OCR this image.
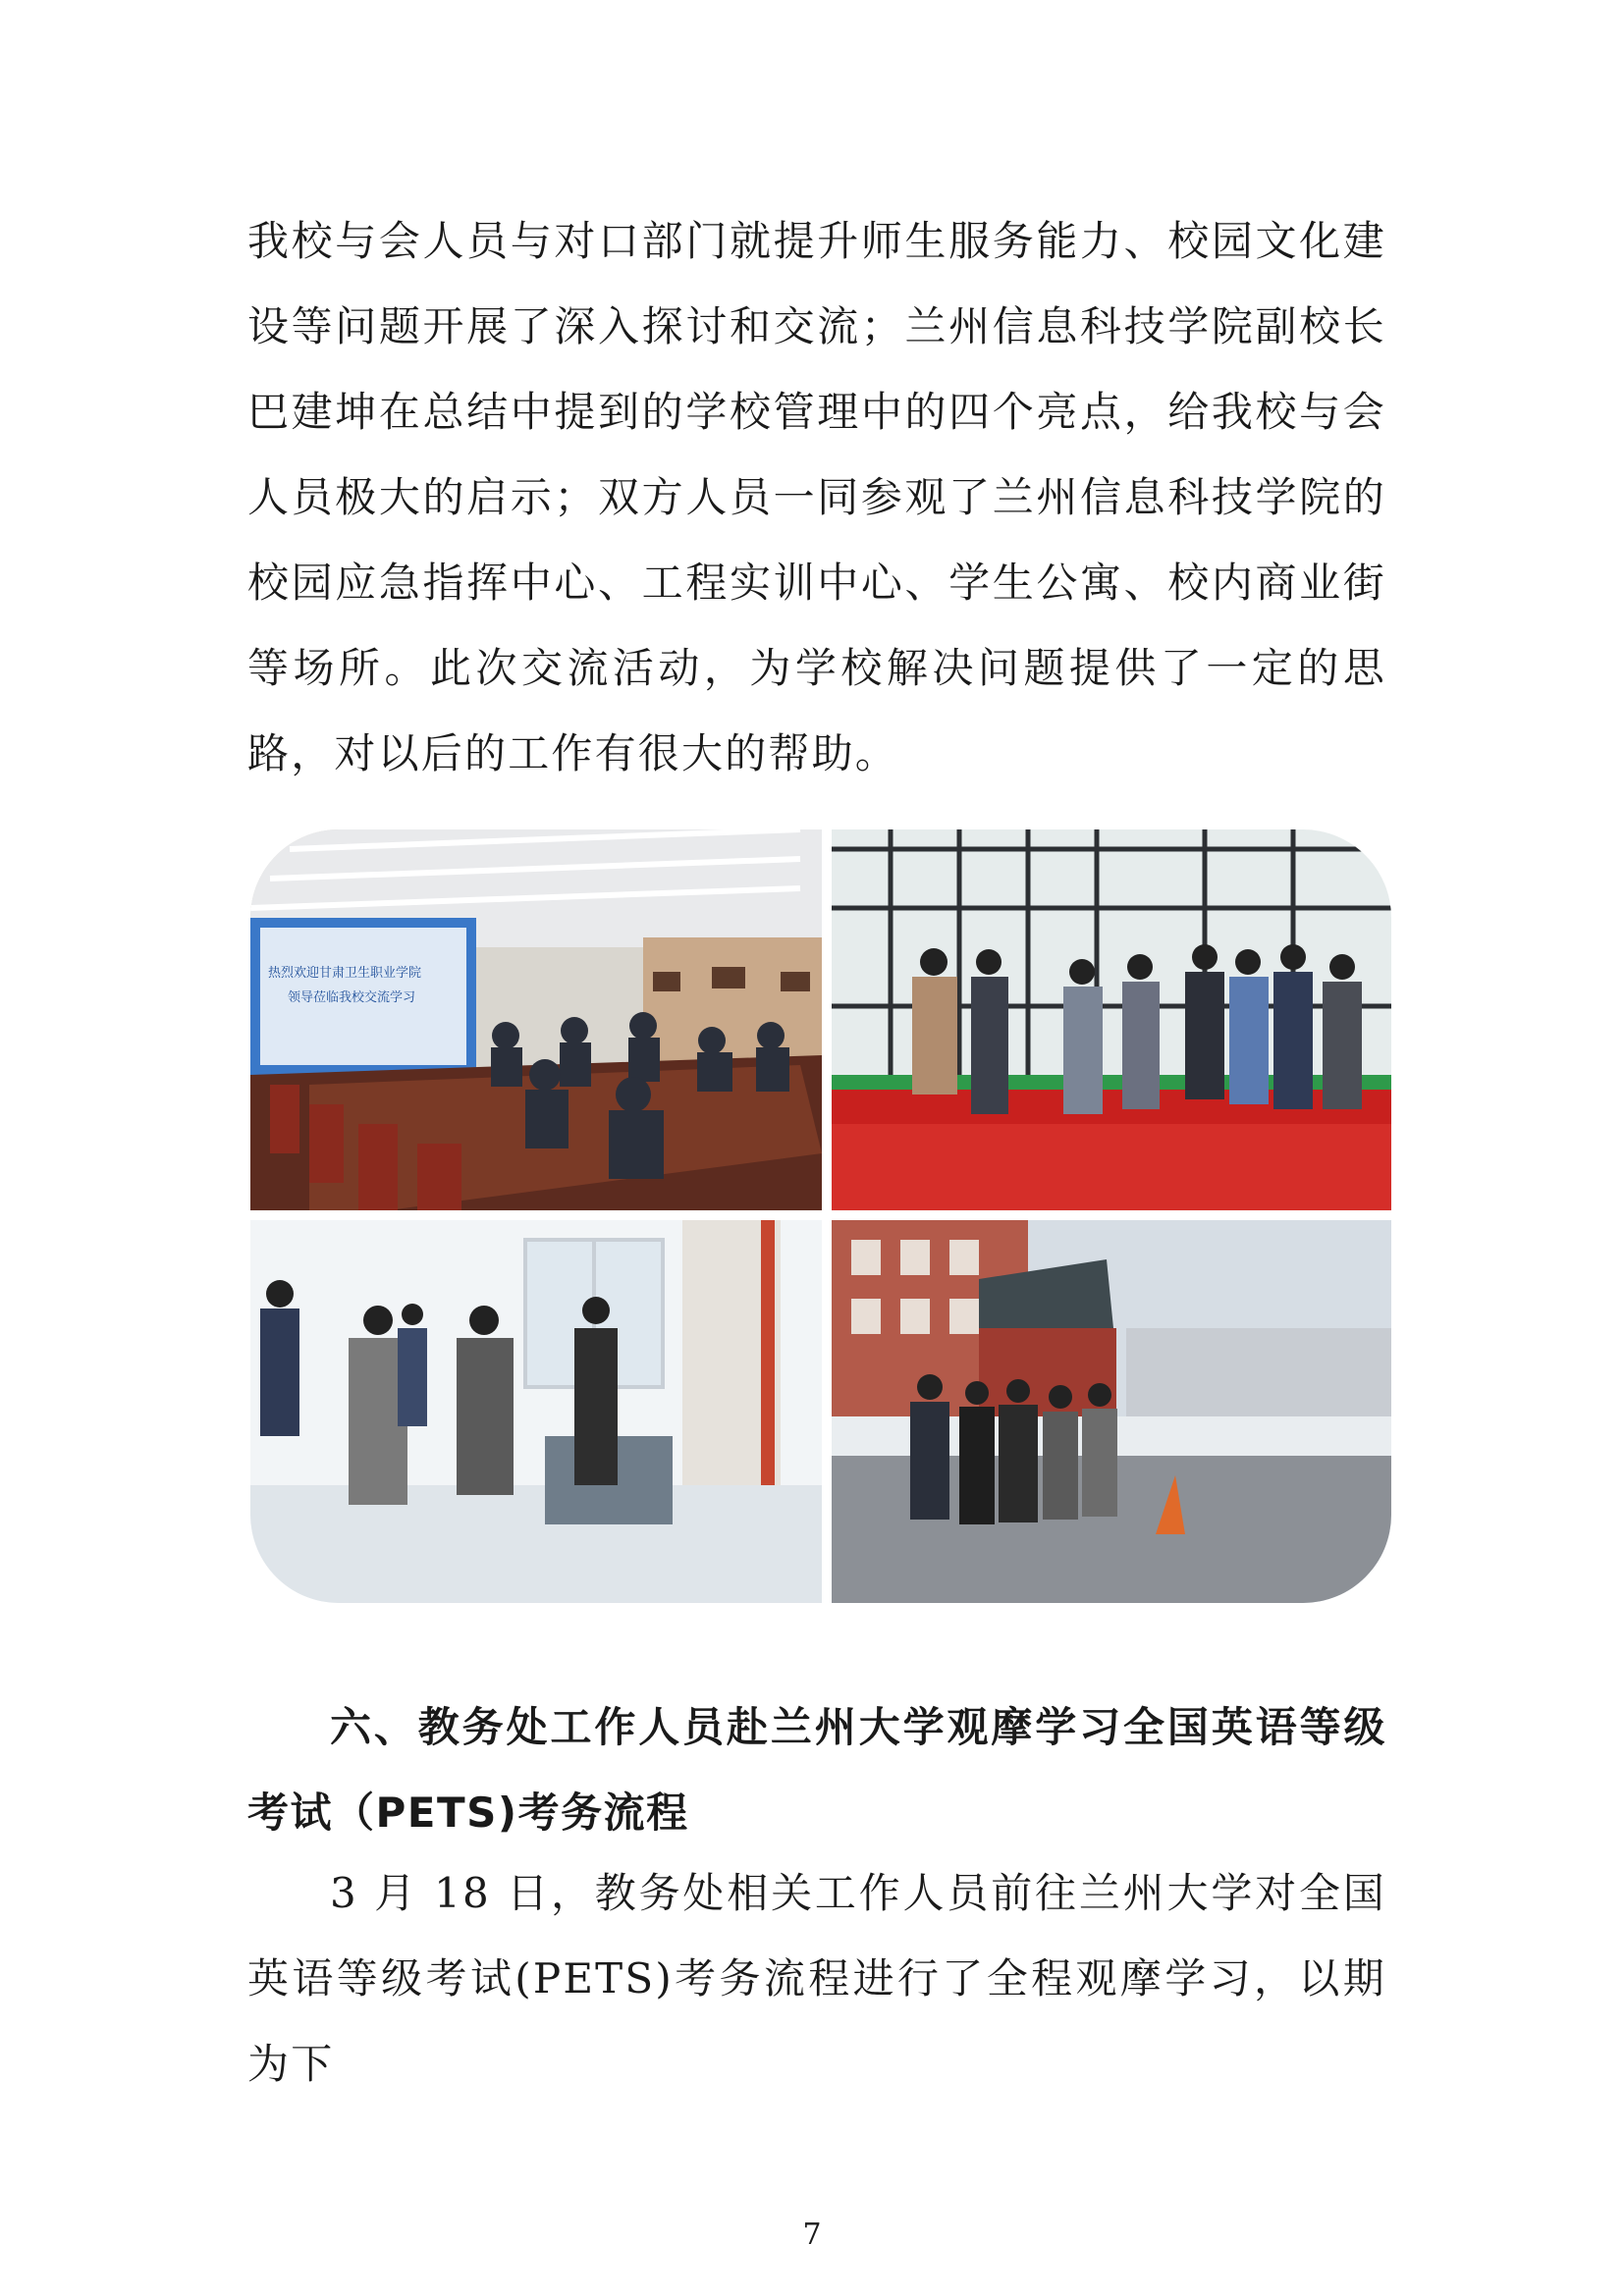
我校与会人员与对口部门就提升师生服务能力、校园文化建设等问题开展了深入探讨和交流；兰州信息科技学院副校长巴建坤在总结中提到的学校管理中的四个亮点，给我校与会人员极大的启示；双方人员一同参观了兰州信息科技学院的校园应急指挥中心、工程实训中心、学生公寓、校内商业街等场所。此次交流活动，为学校解决问题提供了一定的思路，对以后的工作有很大的帮助。

热烈欢迎甘肃卫生职业学院
领导莅临我校交流学习

六、教务处工作人员赴兰州大学观摩学习全国英语等级考试（PETS)考务流程

3 月 18 日，教务处相关工作人员前往兰州大学对全国英语等级考试(PETS)考务流程进行了全程观摩学习，以期为下

7
